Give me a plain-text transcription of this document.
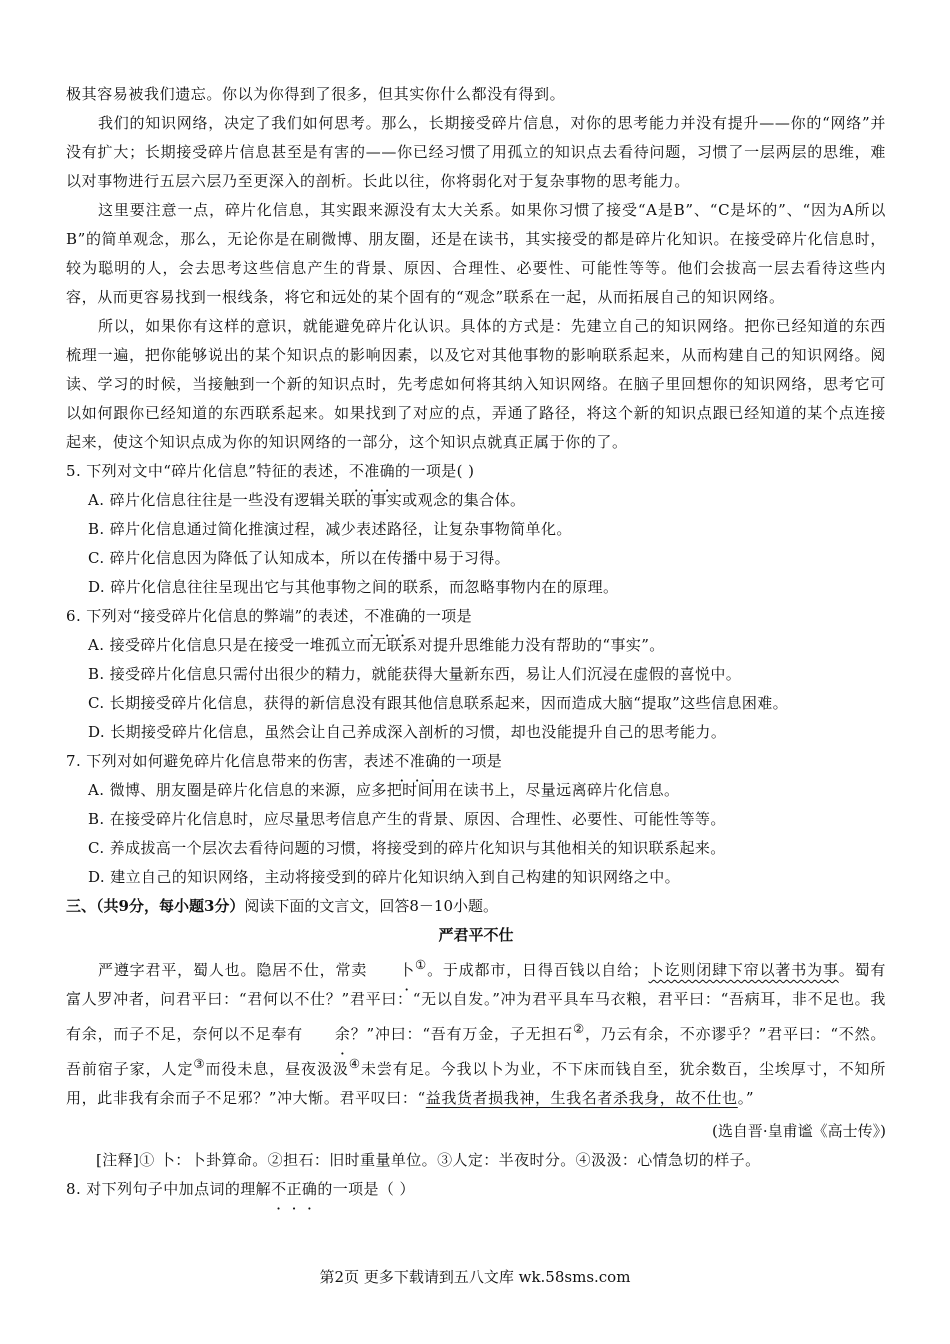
极其容易被我们遗忘。你以为你得到了很多，但其实你什么都没有得到。

我们的知识网络，决定了我们如何思考。那么，长期接受碎片信息，对你的思考能力并没有提升——你的“网络”并没有扩大；长期接受碎片信息甚至是有害的——你已经习惯了用孤立的知识点去看待问题，习惯了一层两层的思维，难以对事物进行五层六层乃至更深入的剖析。长此以往，你将弱化对于复杂事物的思考能力。

这里要注意一点，碎片化信息，其实跟来源没有太大关系。如果你习惯了接受“A是B”、“C是坏的”、“因为A所以B”的简单观念，那么，无论你是在刷微博、朋友圈，还是在读书，其实接受的都是碎片化知识。在接受碎片化信息时，较为聪明的人，会去思考这些信息产生的背景、原因、合理性、必要性、可能性等等。他们会拔高一层去看待这些内容，从而更容易找到一根线条，将它和远处的某个固有的“观念”联系在一起，从而拓展自己的知识网络。

所以，如果你有这样的意识，就能避免碎片化认识。具体的方式是：先建立自己的知识网络。把你已经知道的东西梳理一遍，把你能够说出的某个知识点的影响因素，以及它对其他事物的影响联系起来，从而构建自己的知识网络。阅读、学习的时候，当接触到一个新的知识点时，先考虑如何将其纳入知识网络。在脑子里回想你的知识网络，思考它可以如何跟你已经知道的东西联系起来。如果找到了对应的点，弄通了路径，将这个新的知识点跟已经知道的某个点连接起来，使这个知识点成为你的知识网络的一部分，这个知识点就真正属于你的了。

5. 下列对文中“碎片化信息”特征的表述，不准确的一项是( )

A. 碎片化信息往往是一些没有逻辑关联的事实或观念的集合体。

B. 碎片化信息通过简化推演过程，减少表述路径，让复杂事物简单化。

C. 碎片化信息因为降低了认知成本，所以在传播中易于习得。

D. 碎片化信息往往呈现出它与其他事物之间的联系，而忽略事物内在的原理。

6. 下列对“接受碎片化信息的弊端”的表述，不准确的一项是

A. 接受碎片化信息只是在接受一堆孤立而无联系对提升思维能力没有帮助的“事实”。

B. 接受碎片化信息只需付出很少的精力，就能获得大量新东西，易让人们沉浸在虚假的喜悦中。

C. 长期接受碎片化信息，获得的新信息没有跟其他信息联系起来，因而造成大脑“提取”这些信息困难。

D. 长期接受碎片化信息，虽然会让自己养成深入剖析的习惯，却也没能提升自己的思考能力。

7. 下列对如何避免碎片化信息带来的伤害，表述不准确的一项是

A. 微博、朋友圈是碎片化信息的来源，应多把时间用在读书上，尽量远离碎片化信息。

B. 在接受碎片化信息时，应尽量思考信息产生的背景、原因、合理性、必要性、可能性等等。

C. 养成拔高一个层次去看待问题的习惯，将接受到的碎片化知识与其他相关的知识联系起来。

D. 建立自己的知识网络，主动将接受到的碎片化知识纳入到自己构建的知识网络之中。

三、（共9分，每小题3分）阅读下面的文言文，回答8－10小题。

严君平不仕

严遵字君平，蜀人也。隐居不仕，常卖 卜①。于成都市，日得百钱以自给；卜讫则闭肆下帘以著书为事。蜀有富人罗冲者，问君平曰：“君何以不仕？”君平曰：“无以自发。”冲为君平具车马衣粮，君平曰：“吾病耳，非不足也。我有余，而子不足，奈何以不足奉有 余？”冲曰：“吾有万金，子无担石②，乃云有余，不亦谬乎？”君平曰：“不然。吾前宿子家，人定③而役未息，昼夜汲汲④未尝有足。今我以卜为业，不下床而钱自至，犹余数百，尘埃厚寸，不知所用，此非我有余而子不足邪？”冲大惭。君平叹曰：“益我货者损我神，生我名者杀我身，故不仕也。”

(选自晋·皇甫谧《高士传》)

[注释]① 卜：卜卦算命。②担石：旧时重量单位。③人定：半夜时分。④汲汲：心情急切的样子。

8. 对下列句子中加点词的理解不正确的一项是（ ）

第2页 更多下载请到五八文库 wk.58sms.com
